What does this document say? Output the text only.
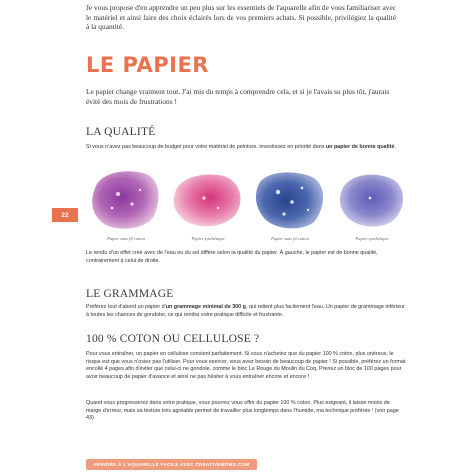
Je vous propose d'en apprendre un peu plus sur les essentiels de l'aquarelle afin de vous familiariser avec le matériel et ainsi faire des choix éclairés lors de vos premiers achats. Si possible, privilégiez la qualité à la quantité.

LE PAPIER

Le papier change vraiment tout. J'ai mis du temps à comprendre cela, et si je l'avais su plus tôt, j'aurais évité des mois de frustrations !

LA QUALITÉ

Si vous n'avez pas beaucoup de budget pour votre matériel de peinture, investissez en priorité dans un papier de bonne qualité.

Papier sans fil cotton	Papier synthétique	Papier sans fil cotton	Papier synthétique
22

Le rendu d'un effet créé avec de l'eau ou du sel diffère selon la qualité du papier. À gauche, le papier est de bonne qualité, contrairement à celui de droite.

LE GRAMMAGE

Préférez tout d'abord un papier d'un grammage minimal de 300 g, qui retient plus facilement l'eau. Un papier de grammage inférieur à toutes les chances de gondoler, ce qui rendra votre pratique difficile et frustrante.

100 % COTON OU CELLULOSE ?

Pour vous entraîner, un papier en cellulose convient parfaitement. Si vous n'achetez que du papier 100 % coton, plus onéreux, le risque est que vous n'osiez pas l'utiliser. Pour vous exercer, vous avez besoin de beaucoup de papier ! Si possible, préférez un format encollé 4 pages afin d'éviter que celui-ci ne gondole, comme le bloc Le Rouge du Moulin du Coq. Prenez un bloc de 100 pages pour avoir beaucoup de papier d'avance et ainsi ne pas hésiter à vous entraîner encore et encore !

Quand vous progresserez dans votre pratique, vous pourrez vous offrir du papier 100 % coton. Plus exigeant, il laisse moins de marge d'erreur, mais sa texture très agréable permet de travailler plus longtemps dans l'humide, ma technique préférée ! (voir page 43)

PEINDRE À L'AQUARELLE FACILE AVEC CREATIVEMOMS.COM
